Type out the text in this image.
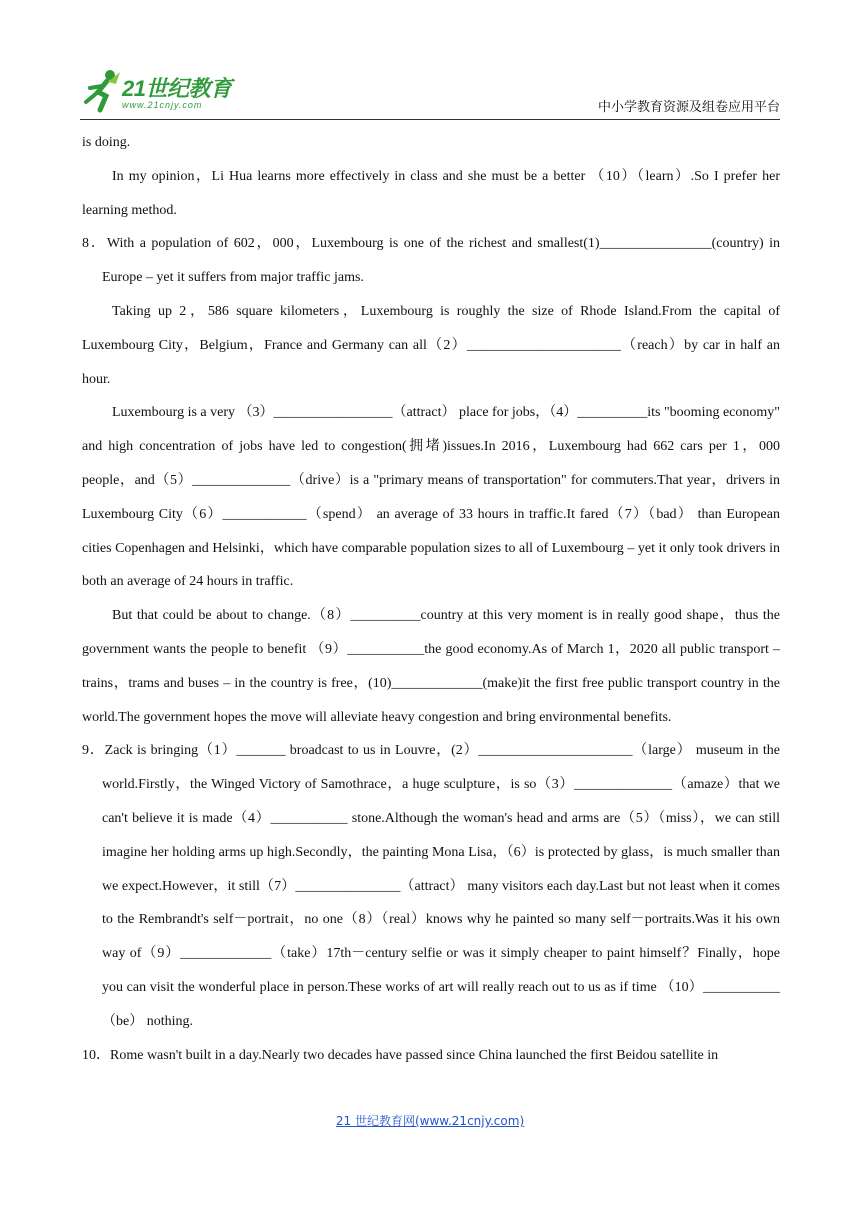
21世纪教育
www.21cnjy.com	中小学教育资源及组卷应用平台

is doing.

In my opinion，Li Hua learns more effectively in class and she must be a better （10）（learn）.So I prefer her learning method.

8．With a population of 602，000，Luxembourg is one of the richest and smallest(1)________________(country) in Europe – yet it suffers from major traffic jams.

Taking up 2，586 square kilometers，Luxembourg is roughly the size of Rhode Island.From the capital of Luxembourg City，Belgium，France and Germany can all（2）______________________（reach）by car in half an hour.

Luxembourg is a very （3）_________________（attract） place for jobs，（4）__________its "booming economy" and high concentration of jobs have led to congestion(拥堵)issues.In 2016，Luxembourg had 662 cars per 1，000 people，and（5）______________（drive）is a "primary means of transportation" for commuters.That year，drivers in Luxembourg City（6）____________（spend） an average of 33 hours in traffic.It fared（7）（bad） than European cities Copenhagen and Helsinki，which have comparable population sizes to all of Luxembourg – yet it only took drivers in both an average of 24 hours in traffic.

But that could be about to change.（8）__________country at this very moment is in really good shape，thus the government wants the people to benefit （9）___________the good economy.As of March 1，2020 all public transport – trains，trams and buses – in the country is free，(10)_____________(make)it the first free public transport country in the world.The government hopes the move will alleviate heavy congestion and bring environmental benefits.

9．Zack is bringing（1）_______ broadcast to us in Louvre，(2）______________________（large） museum in the world.Firstly，the Winged Victory of Samothrace，a huge sculpture，is so（3）______________（amaze）that we can't believe it is made（4）___________ stone.Although the woman's head and arms are（5）（miss），we can still imagine her holding arms up high.Secondly，the painting Mona Lisa，（6）is protected by glass，is much smaller than we expect.However，it still（7）_______________（attract） many visitors each day.Last but not least when it comes to the Rembrandt's self－portrait，no one（8）（real）knows why he painted so many self－portraits.Was it his own way of（9）_____________（take）17th－century selfie or was it simply cheaper to paint himself？Finally，hope you can visit the wonderful place in person.These works of art will really reach out to us as if time （10）___________（be） nothing.

10．Rome wasn't built in a day.Nearly two decades have passed since China launched the first Beidou satellite in

21 世纪教育网(www.21cnjy.com)
